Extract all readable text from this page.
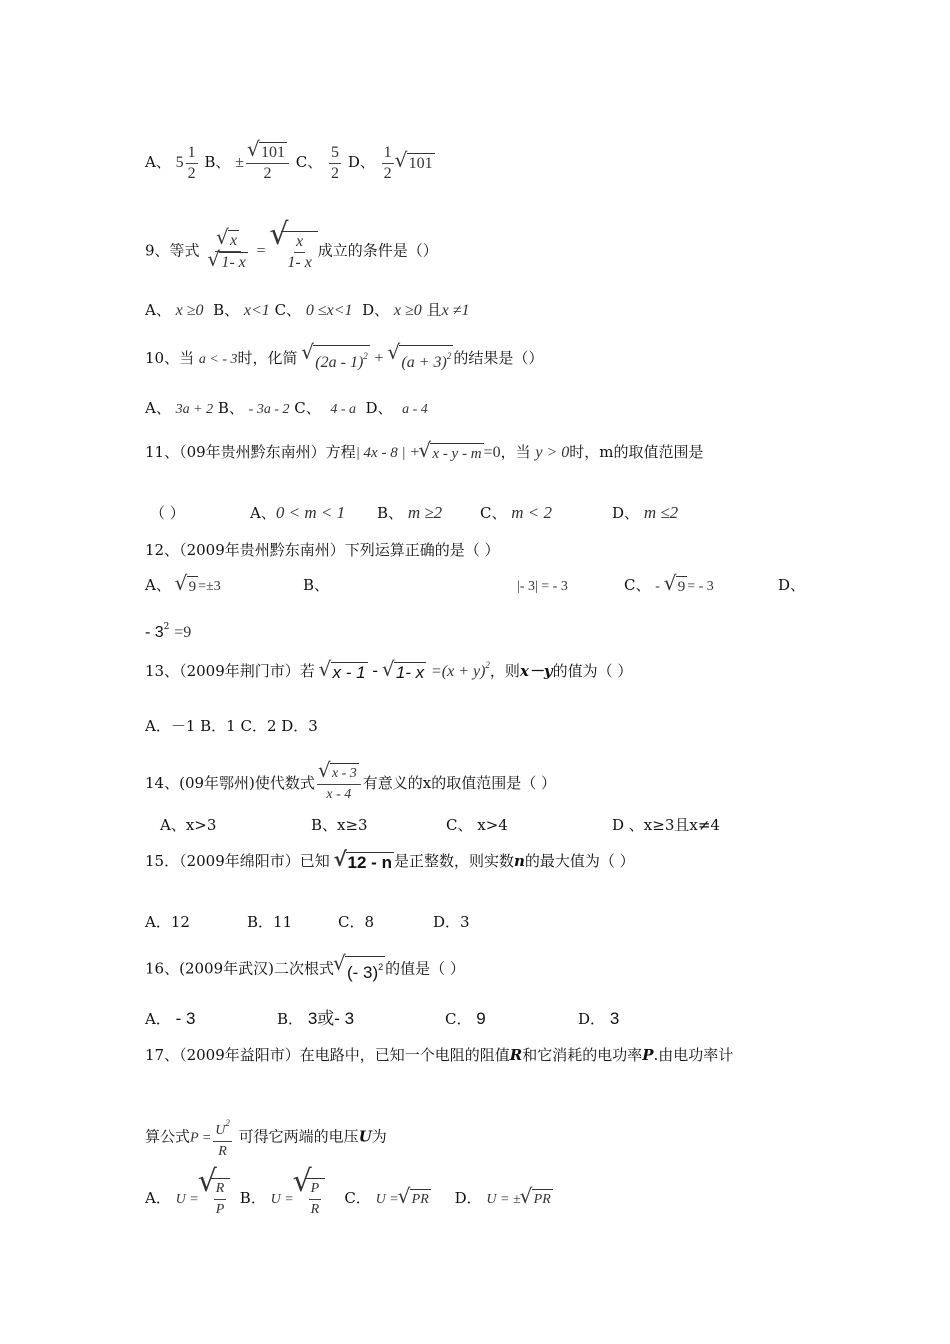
A、 $5 \frac{1}{2}$ B、 ± √ $\frac{101}{2}$ C、 $\frac{5}{2}$ D、 $\frac{1}{2}$ √ 101
9、等式 √ x
√ 1- x = √ $\frac{x}{1- x}$ 成立的条件是（）
A、 x ≥0 B、 x<1 C、 0 ≤x<1 D、 x ≥0 且x ≠1
10、当 a < - 3时，化简 √ (2a - 1)$^2$ + √ $(a + 3)^2$ 的结果是（）
A、 3a + 2 B、 - 3a - 2 C、 4 - a D、 a - 4
11、（09年贵州黔东南州）方程| 4x - 8 | + √ x - y - m =0，当 y > 0时，m的取值范围是
（ ）	A、0 < m < 1 B、 m ≥2	C、 m < 2	D、 m ≤2
12、（2009年贵州黔东南州）下列运算正确的是（ ）
A、 √ 9 =±3	B、	|- 3| = - 3	C、 - √ 9 = - 3	D、
- $3^2 =9$
13、（2009年荆门市）若 √ x - 1 - √ 1- $x =(x + y)^2$，则x－y的值为（ ）
A．－1 B．1 C．2 D．3
14、(09年鄂州)使代数式 √ $\frac{x - 3}{x - 4}$ 有意义的x的取值范围是（ ）
A、x>3	B、x≥3	C、 x>4	D 、x≥3且x≠4
15．（2009年绵阳市）已知 √ 12 - n 是正整数，则实数n的最大值为（ ）
A．12	B．11	C．8	D．3
16、(2009年武汉)二次根式 √ (- 3)$^2$ 的值是（ ）
A． - 3	B． 3或- 3	C． 9	D． 3
17、（2009年益阳市）在电路中，已知一个电阻的阻值R和它消耗的电功率P.由电功率计
算公式$P = \frac{U^2}{R}$ 可得它两端的电压U为
A． U = √ $\frac{R}{P}$ B． U = √ $\frac{P}{R}$ C． U = √ PR D． U = ± √ PR
